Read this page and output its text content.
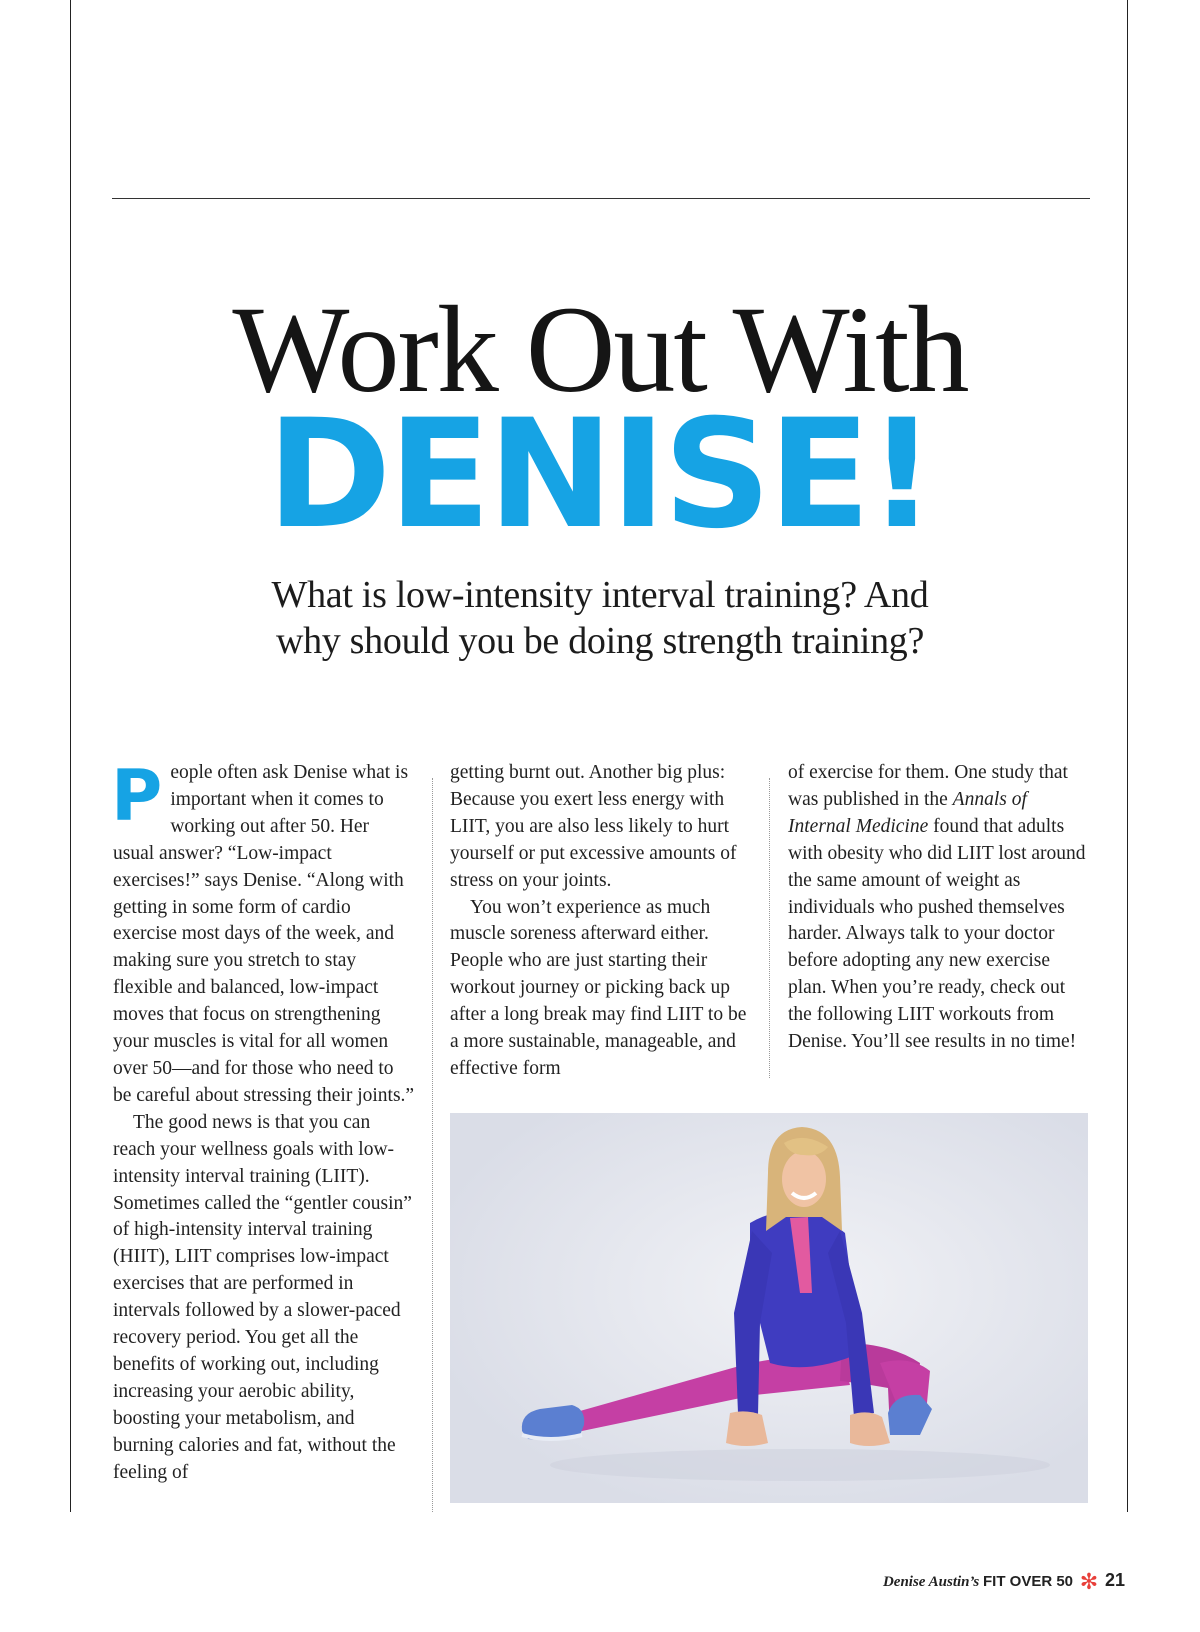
Work Out With
DENISE!
What is low-intensity interval training? And
why should you be doing strength training?

People often ask Denise what is important when it comes to working out after 50. Her usual answer? “Low-impact exercises!” says Denise. “Along with getting in some form of cardio exercise most days of the week, and making sure you stretch to stay flexible and balanced, low-impact moves that focus on strengthening your muscles is vital for all women over 50—and for those who need to be careful about stressing their joints.”

The good news is that you can reach your wellness goals with low-intensity interval training (LIIT). Sometimes called the “gentler cousin” of high-intensity interval training (HIIT), LIIT comprises low-impact exercises that are performed in intervals followed by a slower-paced recovery period. You get all the benefits of working out, including increasing your aerobic ability, boosting your metabolism, and burning calories and fat, without the feeling of

getting burnt out. Another big plus: Because you exert less energy with LIIT, you are also less likely to hurt yourself or put excessive amounts of stress on your joints.

You won’t experience as much muscle soreness afterward either. People who are just starting their workout journey or picking back up after a long break may find LIIT to be a more sustainable, manageable, and effective form

of exercise for them. One study that was published in the Annals of Internal Medicine found that adults with obesity who did LIIT lost around the same amount of weight as individuals who pushed themselves harder. Always talk to your doctor before adopting any new exercise plan. When you’re ready, check out the following LIIT workouts from Denise. You’ll see results in no time!

Denise Austin’s FIT OVER 50 ✻ 21
